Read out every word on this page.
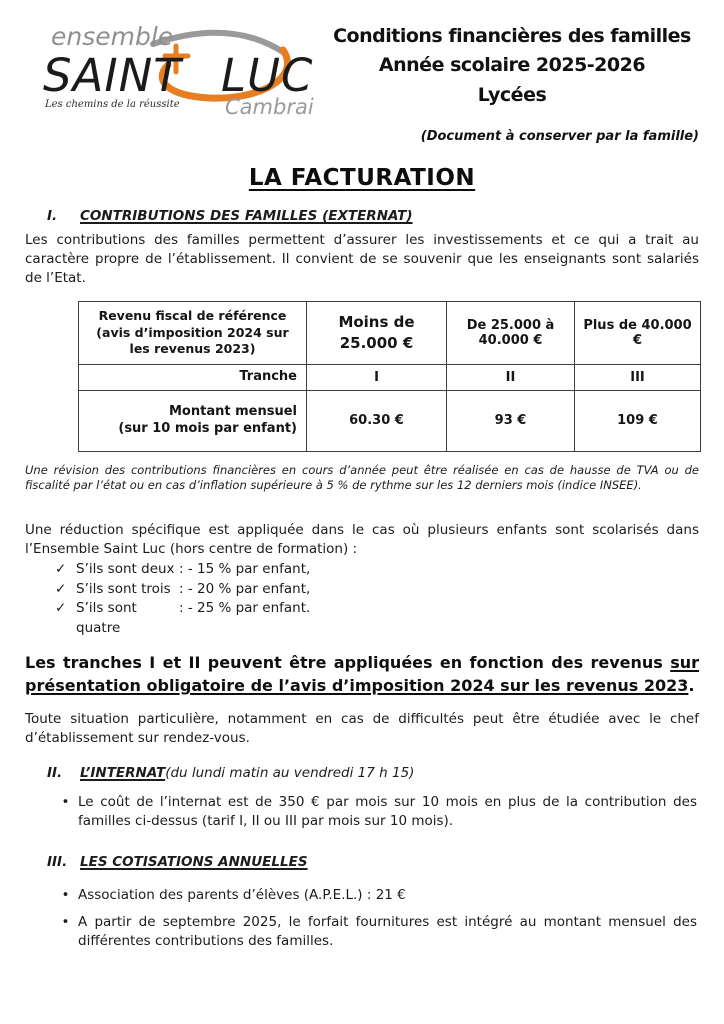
ensemble
SAINT LUC
Les chemins de la réussite Cambrai
Conditions financières des familles
Année scolaire 2025-2026
Lycées
(Document à conserver par la famille)
LA FACTURATION
I.	CONTRIBUTIONS DES FAMILLES (EXTERNAT)

Les contributions des familles permettent d’assurer les investissements et ce qui a trait au caractère propre de l’établissement. Il convient de se souvenir que les enseignants sont salariés de l’Etat.

Revenu fiscal de référence
(avis d’imposition 2024 sur les revenus 2023)	Moins de 25.000 €	De 25.000 à 40.000 €	Plus de 40.000 €
Tranche	I	II	III

Montant mensuel
(sur 10 mois par enfant)	60.30 €	93 €	109 €

Une révision des contributions financières en cours d’année peut être réalisée en cas de hausse de TVA ou de fiscalité par l’état ou en cas d’inflation supérieure à 5 % de rythme sur les 12 derniers mois (indice INSEE).

Une réduction spécifique est appliquée dans le cas où plusieurs enfants sont scolarisés dans l’Ensemble Saint Luc (hors centre de formation) :

✓ S’ils sont deux : - 15 % par enfant,
✓ S’ils sont trois : - 20 % par enfant,
✓ S’ils sont quatre
: - 25 % par enfant.

Les tranches I et II peuvent être appliquées en fonction des revenus sur présentation obligatoire de l’avis d’imposition 2024 sur les revenus 2023.

Toute situation particulière, notamment en cas de difficultés peut être étudiée avec le chef d’établissement sur rendez-vous.

II.	L’INTERNAT (du lundi matin au vendredi 17 h 15)
• Le coût de l’internat est de 350 € par mois sur 10 mois en plus de la contribution des familles ci-dessus (tarif I, II ou III par mois sur 10 mois).
III. LES COTISATIONS ANNUELLES
• Association des parents d’élèves (A.P.E.L.) : 21 €
• A partir de septembre 2025, le forfait fournitures est intégré au montant mensuel des différentes contributions des familles.
